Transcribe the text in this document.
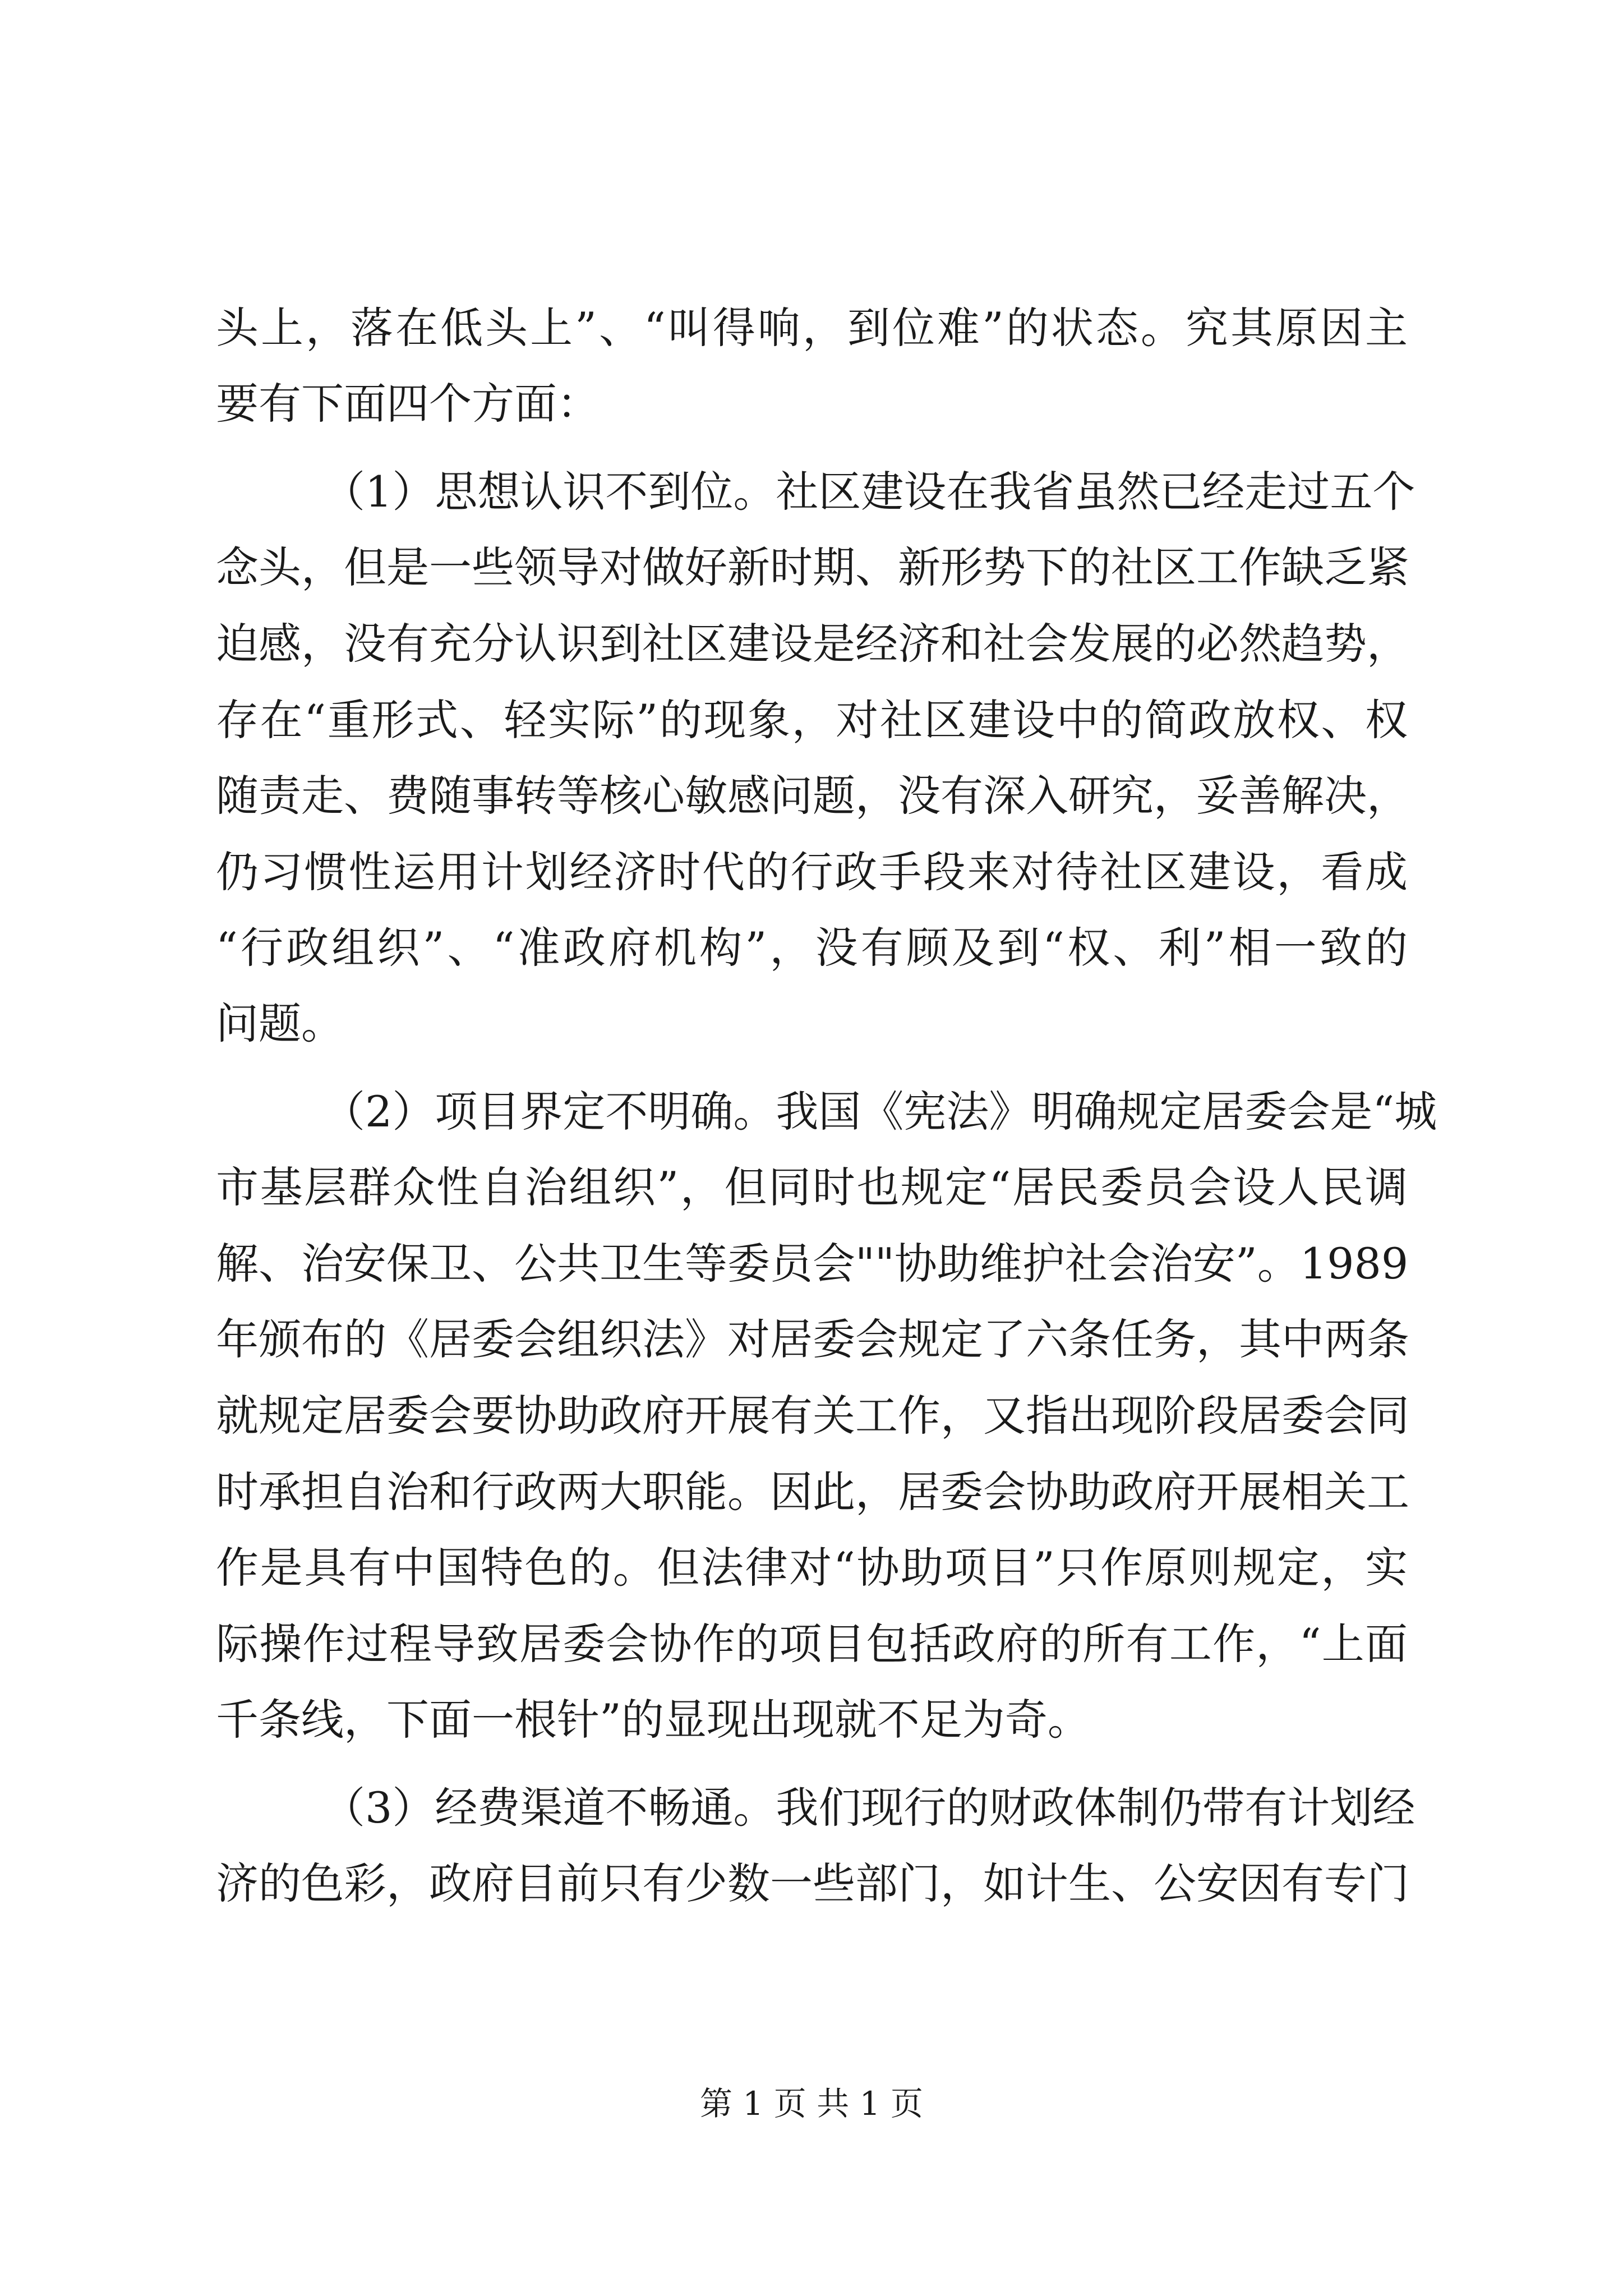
头上，落在低头上”、“叫得响，到位难”的状态。究其原因主
要有下面四个方面：
（1）思想认识不到位。社区建设在我省虽然已经走过五个
念头，但是一些领导对做好新时期、新形势下的社区工作缺乏紧
迫感，没有充分认识到社区建设是经济和社会发展的必然趋势，
存在“重形式、轻实际”的现象，对社区建设中的简政放权、权
随责走、费随事转等核心敏感问题，没有深入研究，妥善解决，
仍习惯性运用计划经济时代的行政手段来对待社区建设，看成
“行政组织”、“准政府机构”，没有顾及到“权、利”相一致的
问题。
（2）项目界定不明确。我国《宪法》明确规定居委会是“城
市基层群众性自治组织”，但同时也规定“居民委员会设人民调
解、治安保卫、公共卫生等委员会""协助维护社会治安”。1989
年颁布的《居委会组织法》对居委会规定了六条任务，其中两条
就规定居委会要协助政府开展有关工作，又指出现阶段居委会同
时承担自治和行政两大职能。因此，居委会协助政府开展相关工
作是具有中国特色的。但法律对“协助项目”只作原则规定，实
际操作过程导致居委会协作的项目包括政府的所有工作，“上面
千条线，下面一根针”的显现出现就不足为奇。
（3）经费渠道不畅通。我们现行的财政体制仍带有计划经
济的色彩，政府目前只有少数一些部门，如计生、公安因有专门
第 1 页 共 1 页
